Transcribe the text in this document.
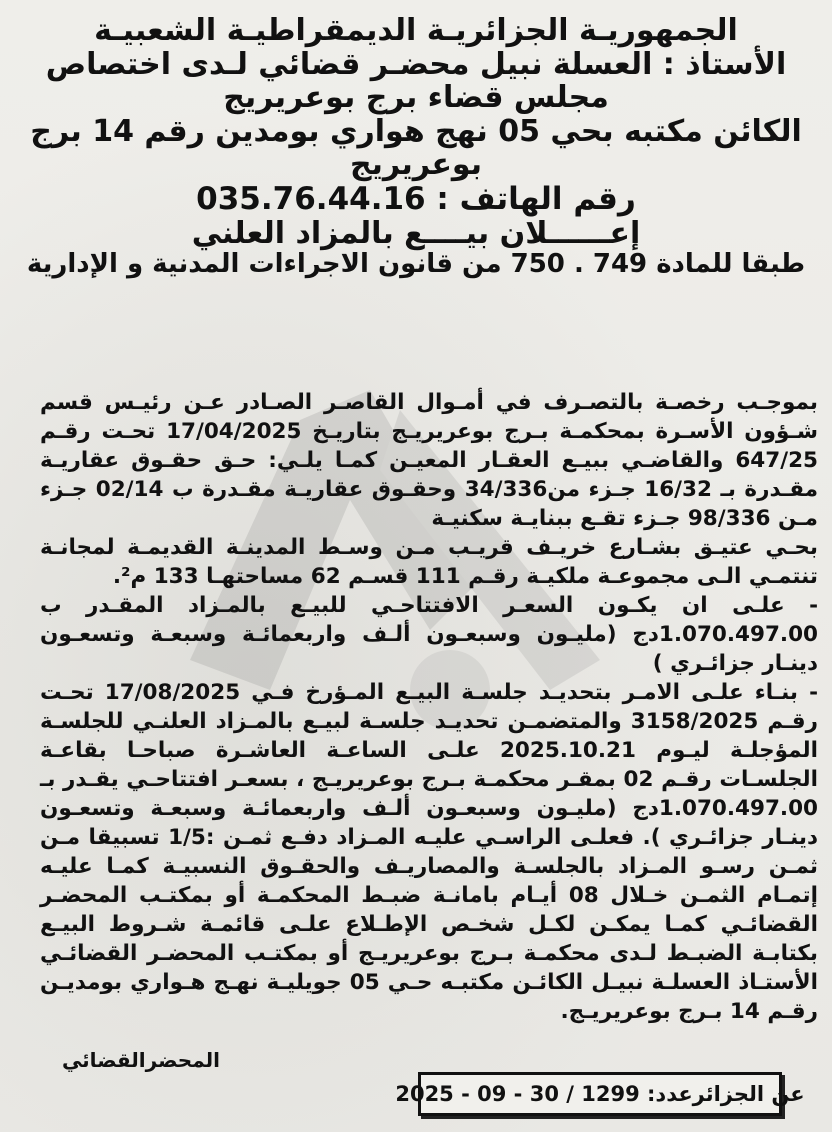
الجمهوريـة الجزائريـة الديمقراطيـة الشعبيـة
الأستاذ : العسلة نبيل محضـر قضائي لـدى اختصاص
مجلس قضاء برج بوعريريج
الكائن مكتبه بحي 05 نهج هواري بومدين رقم 14 برج
بوعريريج
رقم الهاتف : 035.76.44.16
إعــــــلان بيــــع بالمزاد العلني
طبقا للمادة 749 . 750 من قانون الاجراءات المدنية و الإدارية

بموجـب رخصـة بالتصـرف في أمـوال القاصـر الصـادر عـن رئيـس قسم شـؤون الأسـرة بمحكمـة بـرج بوعريريـج بتاريـخ 17/04/2025 تحـت رقـم 647/25 والقاضـي ببيـع العقـار المعيـن كمـا يلـي: حـق حقـوق عقاريـة مقـدرة بـ 16/32 جـزء من34/336 وحقـوق عقاريـة مقـدرة ب 02/14 جـزء مـن 98/336 جـزء تقـع ببنايـة سكنيـة

بحـي عتيـق بشـارع خريـف قريـب مـن وسـط المدينـة القديمـة لمجانـة تنتمـي الـى مجموعـة ملكيـة رقـم 111 قسـم 62 مساحتهـا 133 م².

- علـى ان يكـون السعـر الافتتاحـي للبيـع بالمـزاد المقـدر ب 1.070.497.00دج (مليـون وسبعـون ألـف واربعمائـة وسبعـة وتسعـون دينـار جزائـري )

- بنـاء علـى الامـر بتحديـد جلسـة البيـع المـؤرخ فـي 17/08/2025 تحـت رقـم 3158/2025 والمتضمـن تحديـد جلسـة لبيـع بالمـزاد العلنـي للجلسـة المؤجلـة ليـوم 2025.10.21 علـى الساعـة العاشـرة صباحـا بقاعـة الجلسـات رقـم 02 بمقـر محكمـة بـرج بوعريريـج ، بسعـر افتتاحـي يقـدر بـ 1.070.497.00دج (مليـون وسبعـون ألـف واربعمائـة وسبعـة وتسعـون دينـار جزائـري ). فعلـى الراسـي عليـه المـزاد دفـع ثمـن :1/5 تسبيقا مـن ثمـن رسـو المـزاد بالجلسـة والمصاريـف والحقـوق النسبيـة كمـا عليـه إتمـام الثمـن خـلال 08 أيـام بامانـة ضبـط المحكمـة أو بمكتـب المحضـر القضائـي كمـا يمكـن لكـل شخـص الإطـلاع علـى قائمـة شـروط البيـع بكتابـة الضبـط لـدى محكمـة بـرج بوعريريـج أو بمكتـب المحضـر القضائـي الأستـاذ العسلـة نبيـل الكائـن مكتبـه حـي 05 جويليـة نهـج هـواري بومديـن رقـم 14 بـرج بوعريريـج.

المحضرالقضائي
عن الجزائرعدد: 1299 / 30 - 09 - 2025
